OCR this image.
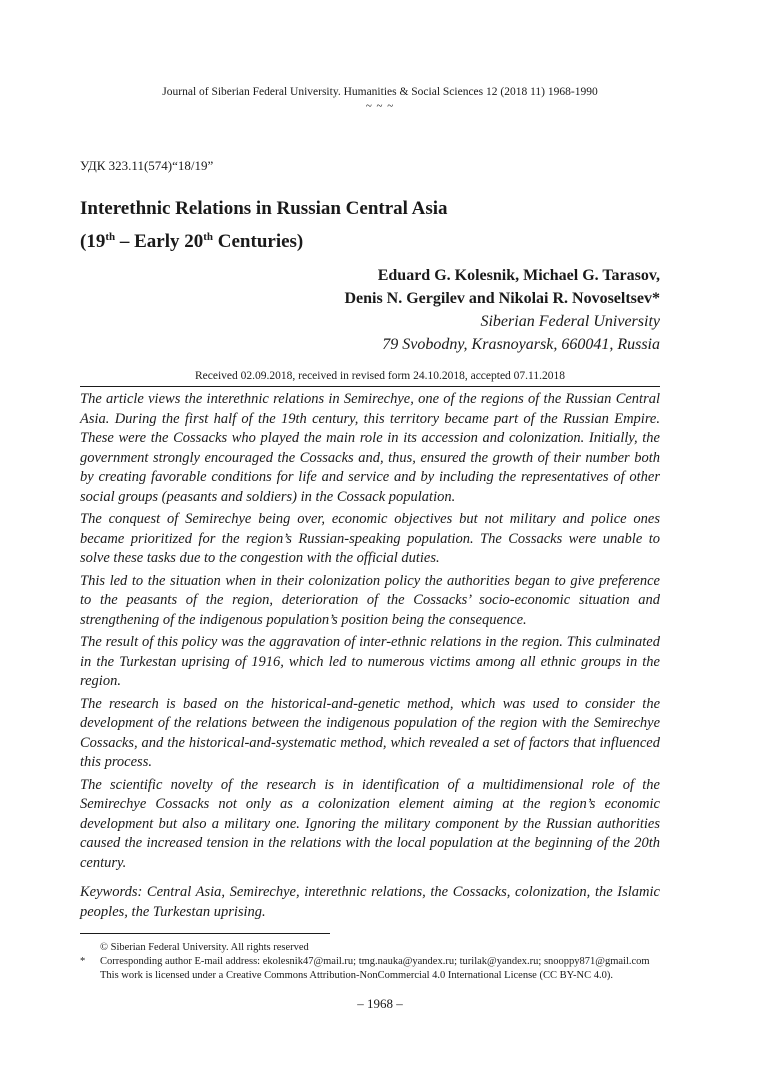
Journal of Siberian Federal University. Humanities & Social Sciences 12 (2018 11) 1968-1990
~ ~ ~
УДК 323.11(574)“18/19”
Interethnic Relations in Russian Central Asia
(19th – Early 20th Centuries)
Eduard G. Kolesnik, Michael G. Tarasov,
Denis N. Gergilev and Nikolai R. Novoseltsev*
Siberian Federal University
79 Svobodny, Krasnoyarsk, 660041, Russia
Received 02.09.2018, received in revised form 24.10.2018, accepted 07.11.2018

The article views the interethnic relations in Semirechye, one of the regions of the Russian Central Asia. During the first half of the 19th century, this territory became part of the Russian Empire. These were the Cossacks who played the main role in its accession and colonization. Initially, the government strongly encouraged the Cossacks and, thus, ensured the growth of their number both by creating favorable conditions for life and service and by including the representatives of other social groups (peasants and soldiers) in the Cossack population.

The conquest of Semirechye being over, economic objectives but not military and police ones became prioritized for the region’s Russian-speaking population. The Cossacks were unable to solve these tasks due to the congestion with the official duties.

This led to the situation when in their colonization policy the authorities began to give preference to the peasants of the region, deterioration of the Cossacks’ socio-economic situation and strengthening of the indigenous population’s position being the consequence.

The result of this policy was the aggravation of inter-ethnic relations in the region. This culminated in the Turkestan uprising of 1916, which led to numerous victims among all ethnic groups in the region.

The research is based on the historical-and-genetic method, which was used to consider the development of the relations between the indigenous population of the region with the Semirechye Cossacks, and the historical-and-systematic method, which revealed a set of factors that influenced this process.

The scientific novelty of the research is in identification of a multidimensional role of the Semirechye Cossacks not only as a colonization element aiming at the region’s economic development but also a military one. Ignoring the military component by the Russian authorities caused the increased tension in the relations with the local population at the beginning of the 20th century.

Keywords: Central Asia, Semirechye, interethnic relations, the Cossacks, colonization, the Islamic peoples, the Turkestan uprising.

© Siberian Federal University. All rights reserved
* Corresponding author E-mail address: ekolesnik47@mail.ru; tmg.nauka@yandex.ru; turilak@yandex.ru; snooppy871@gmail.com
This work is licensed under a Creative Commons Attribution-NonCommercial 4.0 International License (CC BY-NC 4.0).
– 1968 –
